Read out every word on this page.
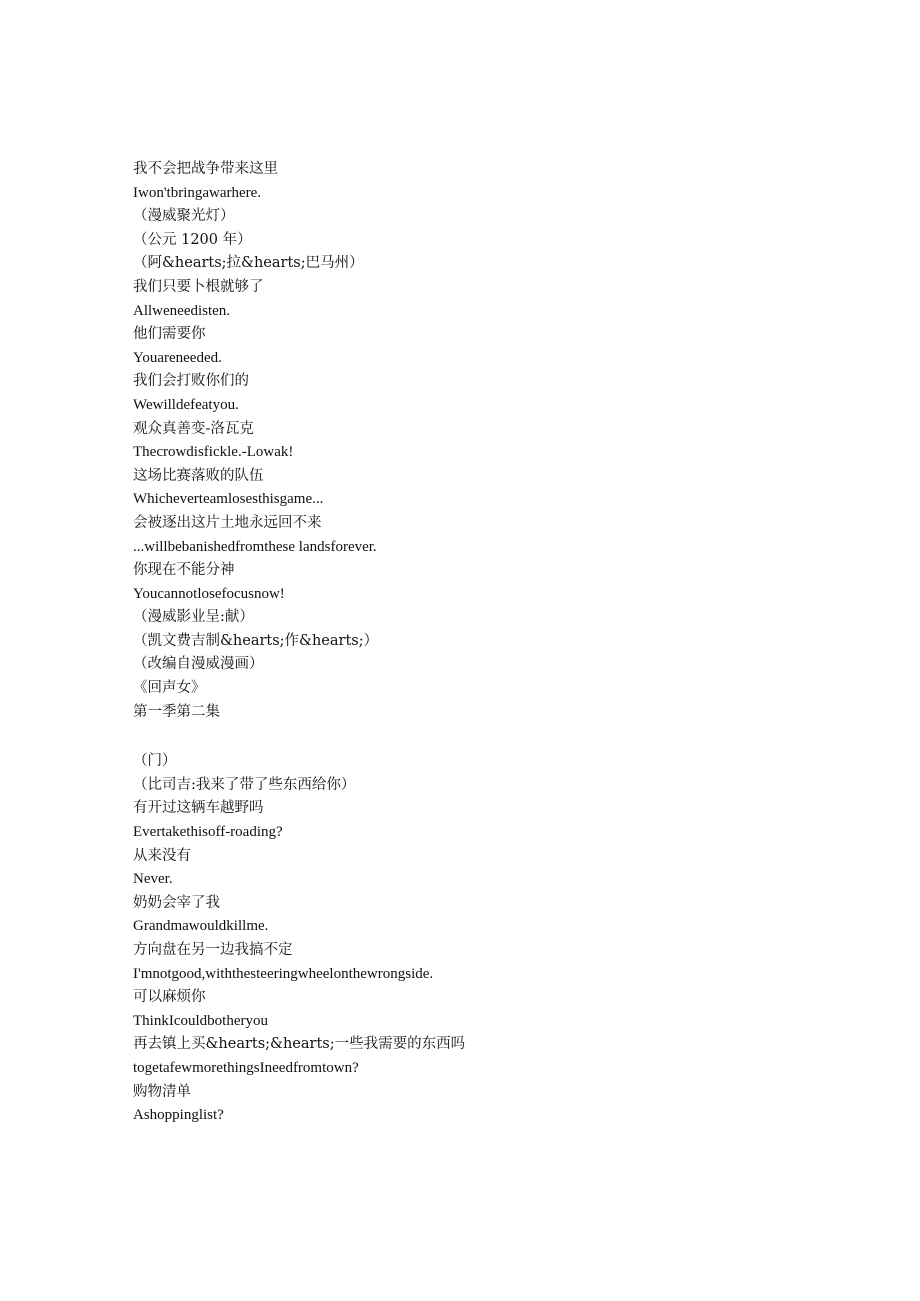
我不会把战争带来这里
Iwon'tbringawarhere.
（漫威聚光灯）
（公元 1200 年）
（阿&hearts;拉&hearts;巴马州）
我们只要卜根就够了
Allweneedisten.
他们需要你
Youareneeded.
我们会打败你们的
Wewilldefeatyou.
观众真善变-洛瓦克
Thecrowdisfickle.-Lowak!
这场比赛落败的队伍
Whicheverteamlosesthisgame...
会被逐出这片土地永远回不来
...willbebanishedfromthese landsforever.
你现在不能分神
Youcannotlosefocusnow!
（漫威影业呈:献）
（凯文费吉制&hearts;作&hearts;）
（改编自漫威漫画）
《回声女》
第一季第二集
（门）
（比司吉:我来了带了些东西给你）
有开过这辆车越野吗
Evertakethisoff-roading?
从来没有
Never.
奶奶会宰了我
Grandmawouldkillme.
方向盘在另一边我搞不定
I'mnotgood,withthesteeringwheelonthewrongside.
可以麻烦你
ThinkIcouldbotheryou
再去镇上买&hearts;&hearts;一些我需要的东西吗
togetafewmorethingsIneedfromtown?
购物清单
Ashoppinglist?
